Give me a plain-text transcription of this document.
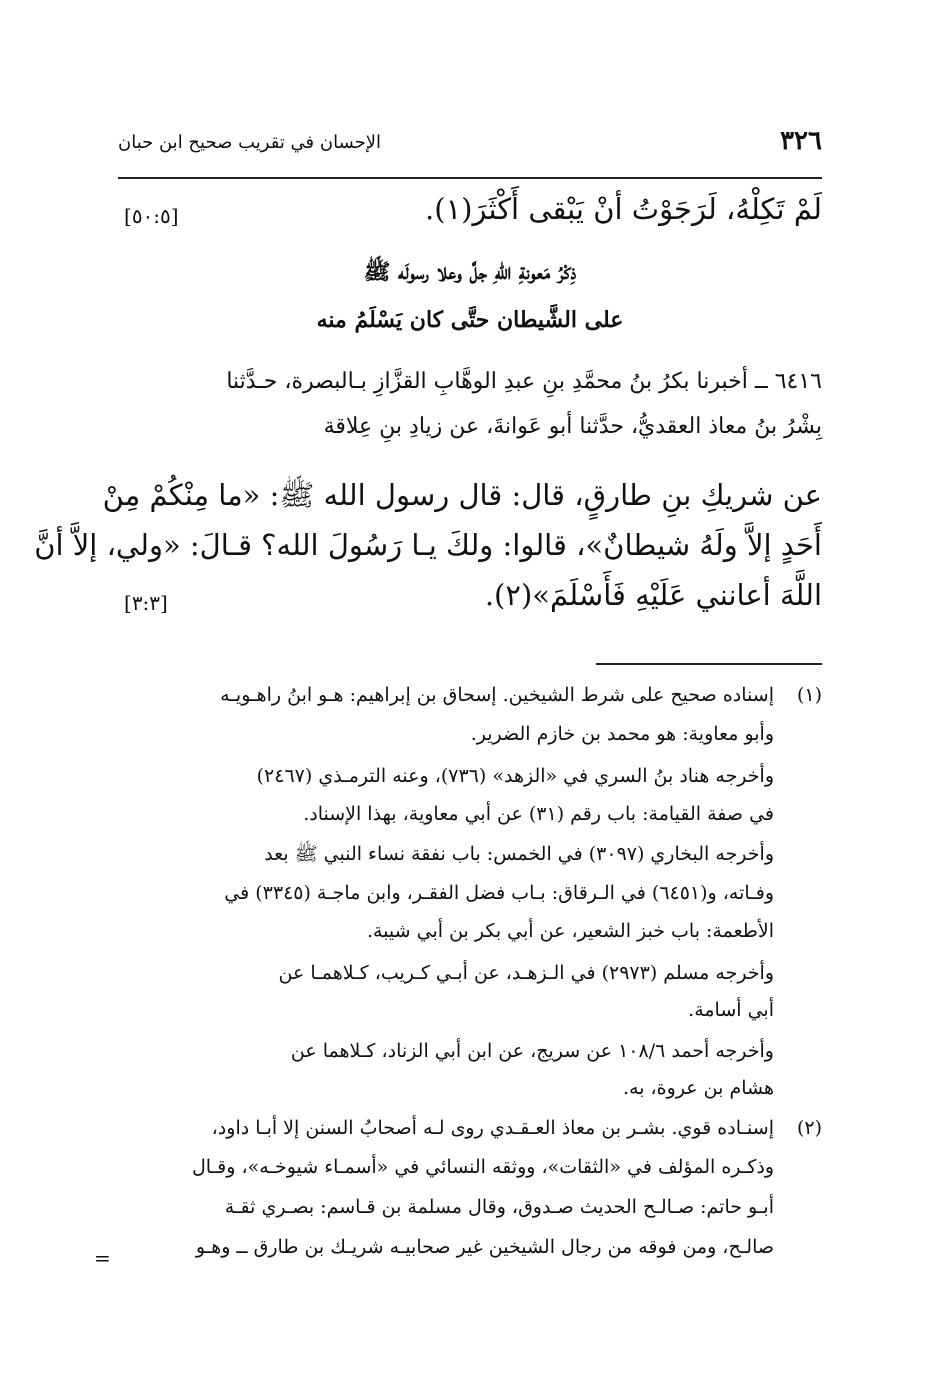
٣٢٦
الإحسان في تقريب صحيح ابن حبان
لَمْ تَكِلْهُ، لَرَجَوْتُ أنْ يَبْقى أَكْثَرَ(١).
[٥٠:٥]
ذِكْرُ مَعونةِ اللّهِ جلَّ وعلا رسولَه ﷺ
على الشَّيطان حتَّى كان يَسْلَمُ منه
٦٤١٦ ــ أخبرنا بكرُ بنُ محمَّدِ بنِ عبدِ الوهَّابِ القزَّازِ بـالبصرة، حـدَّثنا
بِشْرُ بنُ معاذ العقديُّ، حدَّثنا أبو عَوانةَ، عن زيادِ بنِ عِلاقة
عن شريكِ بنِ طارقٍ، قال: قال رسول الله ﷺ: «ما مِنْكُمْ مِنْ
أَحَدٍ إلاَّ ولَهُ شيطانٌ»، قالوا: ولكَ يـا رَسُولَ الله؟ قـالَ: «ولي، إلاَّ أنَّ
اللَّهَ أعانني عَلَيْهِ فَأَسْلَمَ»(٢).
[٣:٣]
(١)
إسناده صحيح على شرط الشيخين. إسحاق بن إبراهيم: هـو ابنُ راهـويـه
وأبو معاوية: هو محمد بن خازم الضرير.
وأخرجه هناد بنُ السري في «الزهد» (٧٣٦)، وعنه الترمـذي (٢٤٦٧)
في صفة القيامة: باب رقم (٣١) عن أبي معاوية، بهذا الإسناد.
وأخرجه البخاري (٣٠٩٧) في الخمس: باب نفقة نساء النبي ﷺ بعد
وفـاته، و(٦٤٥١) في الـرقاق: بـاب فضل الفقـر، وابن ماجـة (٣٣٤٥) في
الأطعمة: باب خبز الشعير، عن أبي بكر بن أبي شيبة.
وأخرجه مسلم (٢٩٧٣) في الـزهـد، عن أبـي كـريب، كـلاهمـا عن
أبي أسامة.
وأخرجه أحمد ١٠٨/٦ عن سريج، عن ابن أبي الزناد، كـلاهما عن
هشام بن عروة، به.
(٢)
إسنـاده قوي. بشـر بن معاذ العـقـدي روى لـه أصحابُ السنن إلا أبـا داود،
وذكـره المؤلف في «الثقات»، ووثقه النسائي في «أسمـاء شيوخـه»، وقـال
أبـو حاتم: صـالـح الحديث صـدوق، وقال مسلمة بن قـاسم: بصـري ثقـة
صالـح، ومن فوقه من رجال الشيخين غير صحابيـه شريـك بن طارق ــ وهـو
=
